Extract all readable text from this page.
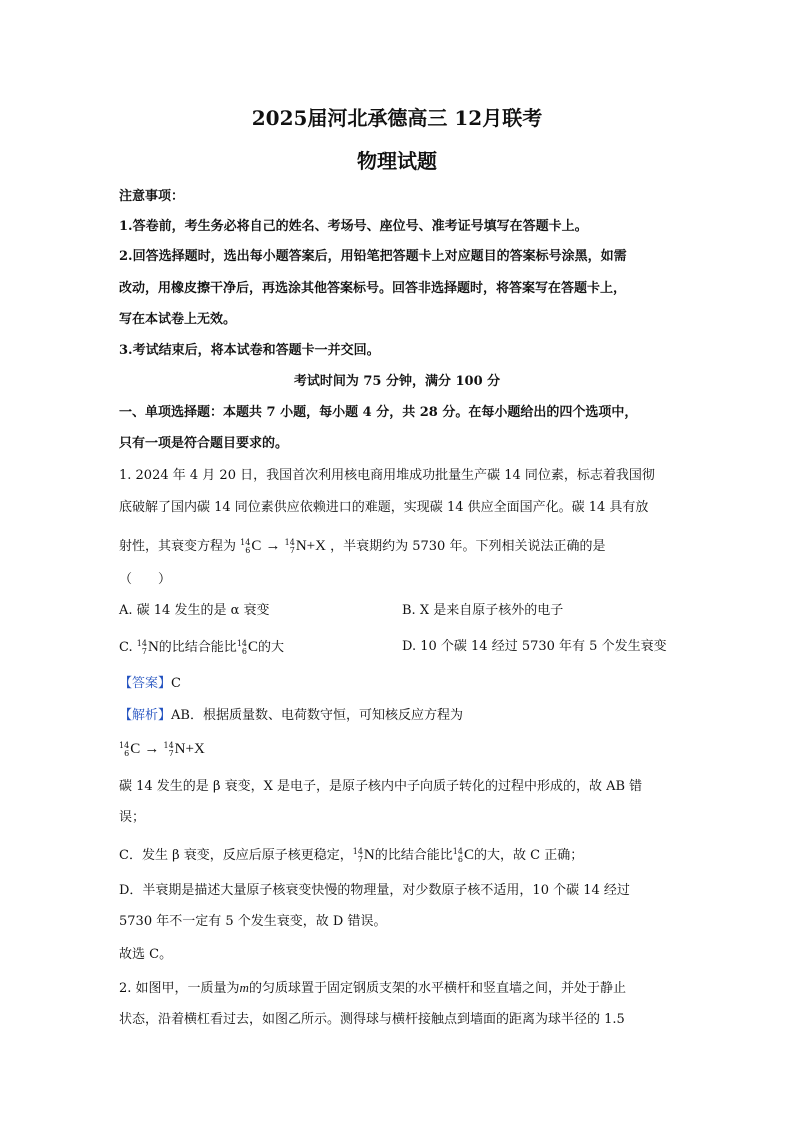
2025届河北承德高三 12月联考
物理试题
注意事项：
1.答卷前，考生务必将自己的姓名、考场号、座位号、准考证号填写在答题卡上。
2.回答选择题时，选出每小题答案后，用铅笔把答题卡上对应题目的答案标号涂黑，如需
改动，用橡皮擦干净后，再选涂其他答案标号。回答非选择题时，将答案写在答题卡上，
写在本试卷上无效。
3.考试结束后，将本试卷和答题卡一并交回。
考试时间为 75 分钟，满分 100 分
一、单项选择题：本题共 7 小题，每小题 4 分，共 28 分。在每小题给出的四个选项中，
只有一项是符合题目要求的。
1. 2024 年 4 月 20 日，我国首次利用核电商用堆成功批量生产碳 14 同位素，标志着我国彻
底破解了国内碳 14 同位素供应依赖进口的难题，实现碳 14 供应全面国产化。碳 14 具有放
射性，其衰变方程为 14
6 C → 14
7 N+X ，半衰期约为 5730 年。下列相关说法正确的是
（　　）
A. 碳 14 发生的是 α 衰变	B. X 是来自原子核外的电子
C. 14
7 N的比结合能比 14
6 C的大	D. 10 个碳 14 经过 5730 年有 5 个发生衰变
【答案】C
【解析】AB．根据质量数、电荷数守恒，可知核反应方程为
14
6 C → 14
7 N+X
碳 14 发生的是 β 衰变，X 是电子，是原子核内中子向质子转化的过程中形成的，故 AB 错
误；
C．发生 β 衰变，反应后原子核更稳定， 14
7 N的比结合能比 14
6 C的大，故 C 正确；
D．半衰期是描述大量原子核衰变快慢的物理量，对少数原子核不适用，10 个碳 14 经过
5730 年不一定有 5 个发生衰变，故 D 错误。
故选 C。
2. 如图甲，一质量为m的匀质球置于固定钢质支架的水平横杆和竖直墙之间，并处于静止
状态，沿着横杠看过去，如图乙所示。测得球与横杆接触点到墙面的距离为球半径的 1.5
